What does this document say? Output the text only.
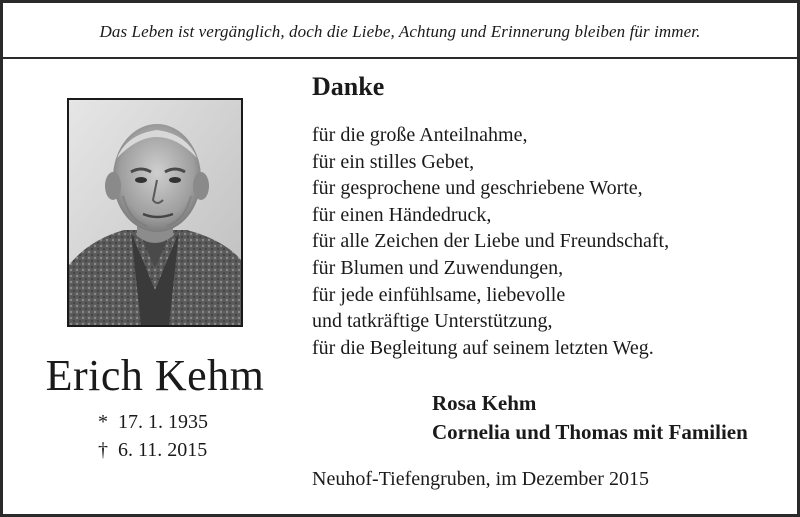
Das Leben ist vergänglich, doch die Liebe, Achtung und Erinnerung bleiben für immer.
Erich Kehm
* 17. 1. 1935
† 6. 11. 2015
Danke
für die große Anteilnahme,
für ein stilles Gebet,
für gesprochene und geschriebene Worte,
für einen Händedruck,
für alle Zeichen der Liebe und Freundschaft,
für Blumen und Zuwendungen,
für jede einfühlsame, liebevolle
und tatkräftige Unterstützung,
für die Begleitung auf seinem letzten Weg.
Rosa Kehm
Cornelia und Thomas mit Familien
Neuhof-Tiefengruben, im Dezember 2015
